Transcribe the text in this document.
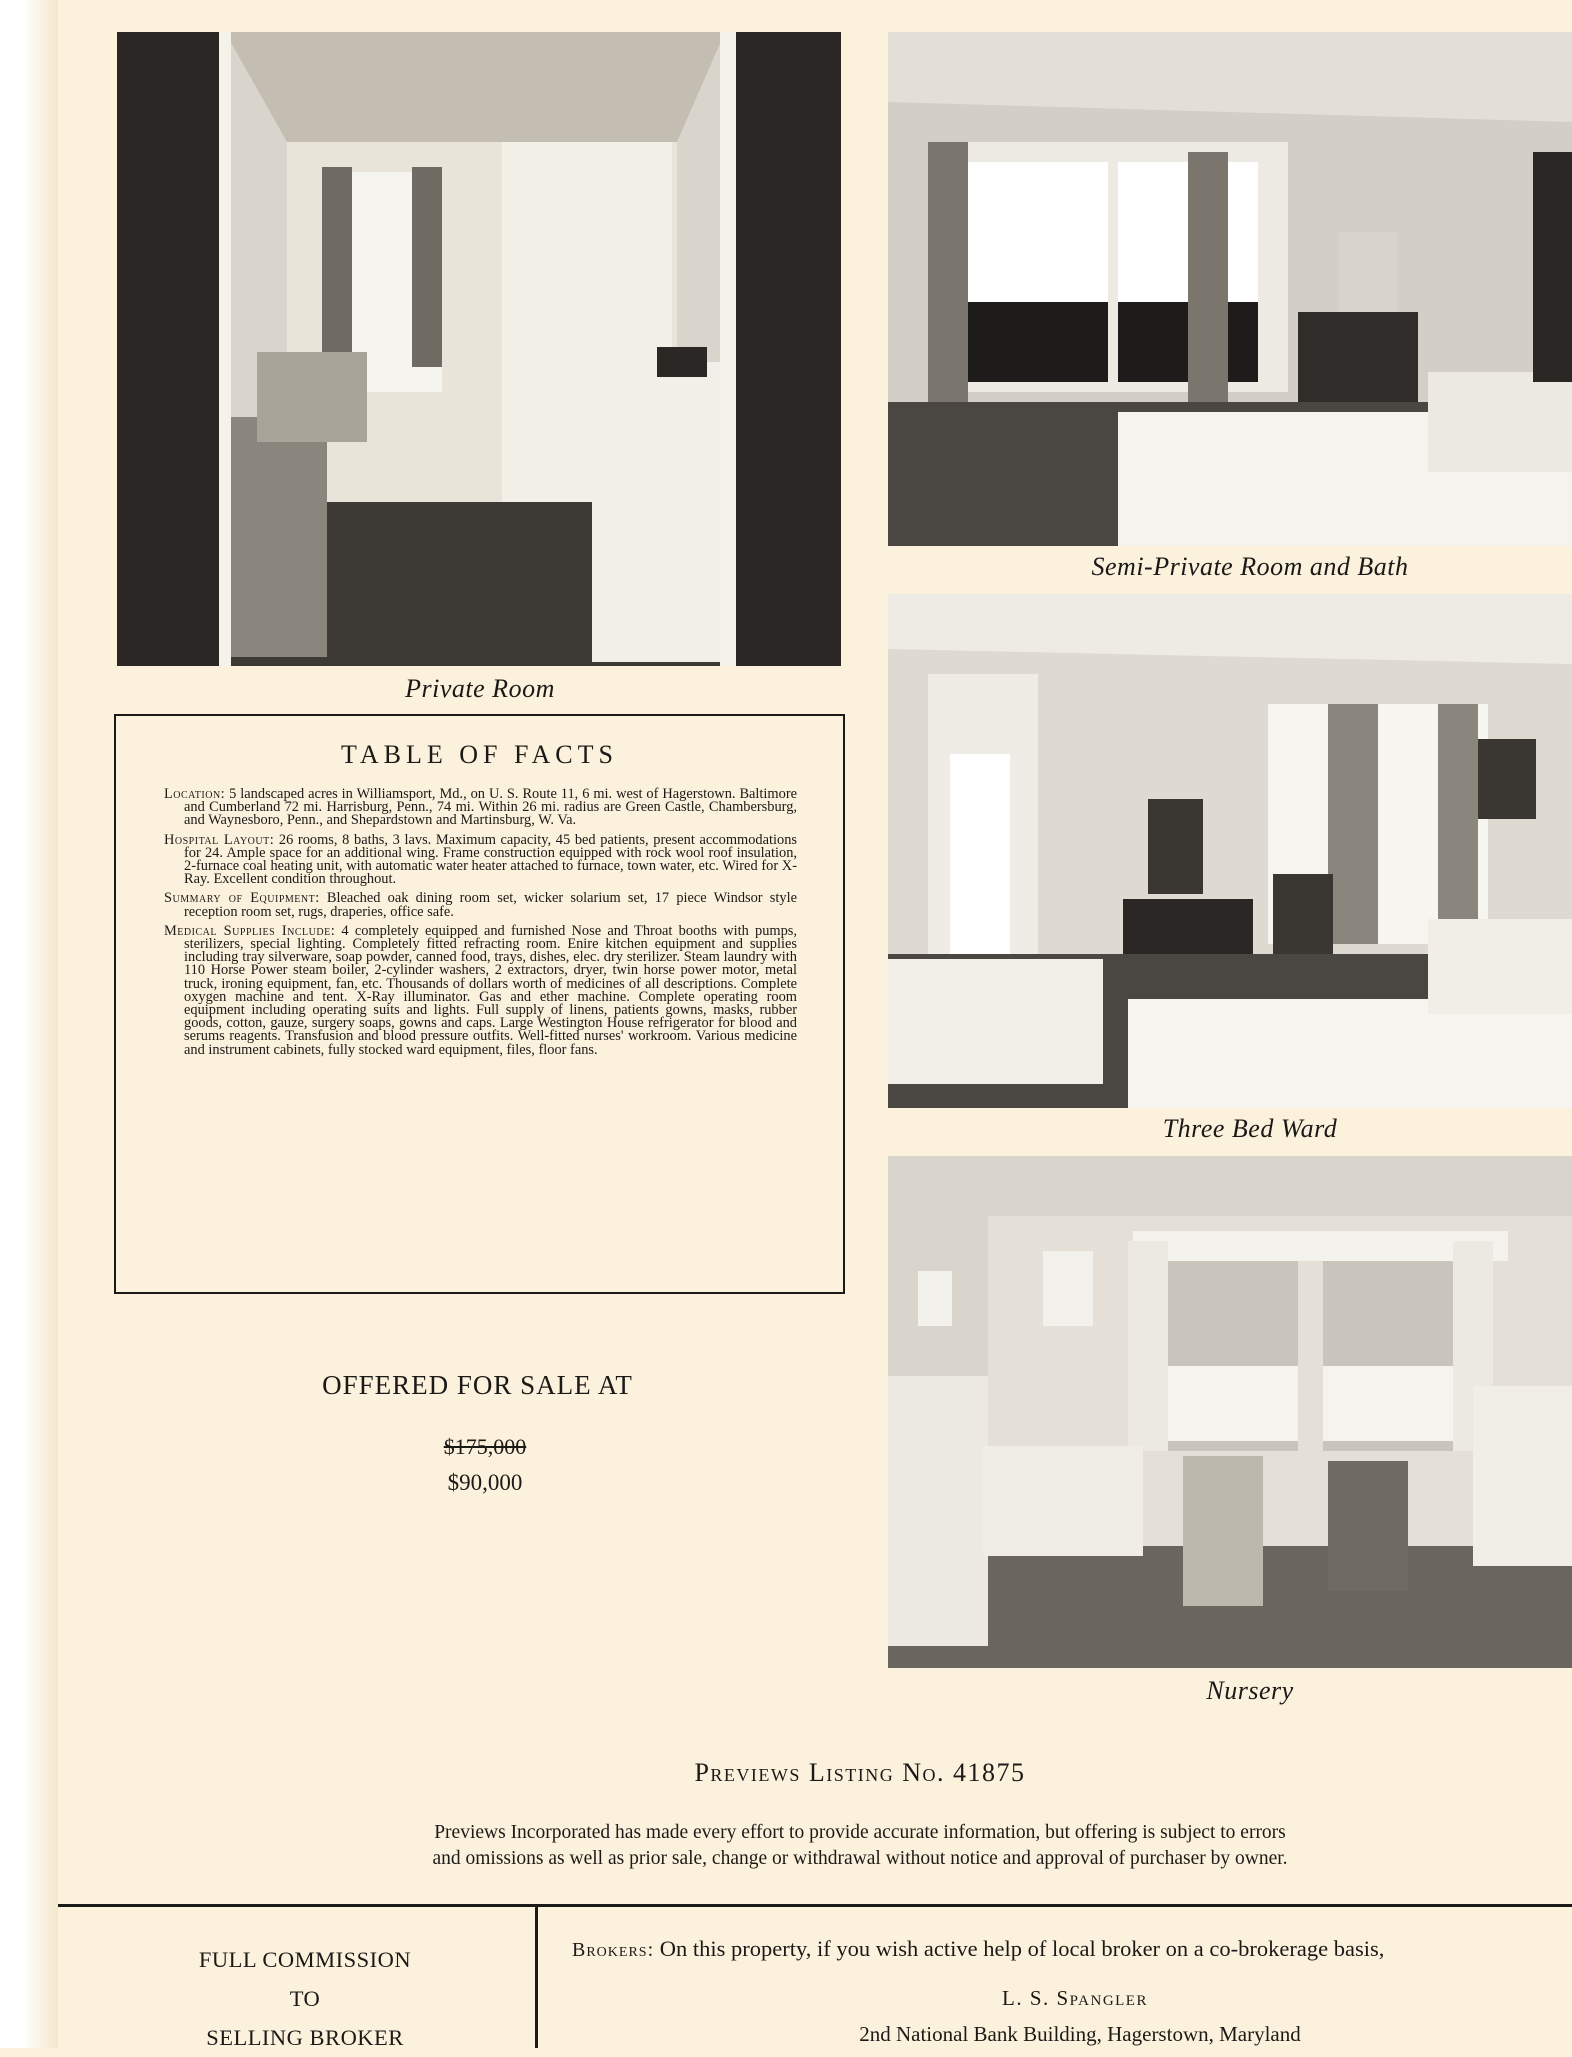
Private Room
Semi-Private Room and Bath
Three Bed Ward
Nursery
TABLE OF FACTS

Location: 5 landscaped acres in Williamsport, Md., on U. S. Route 11, 6 mi. west of Hagerstown. Baltimore and Cumberland 72 mi. Harrisburg, Penn., 74 mi. Within 26 mi. radius are Green Castle, Chambersburg, and Waynesboro, Penn., and Shepardstown and Martinsburg, W. Va.

Hospital Layout: 26 rooms, 8 baths, 3 lavs. Maximum capacity, 45 bed patients, present accommodations for 24. Ample space for an additional wing. Frame construction equipped with rock wool roof insulation, 2-furnace coal heating unit, with automatic water heater attached to furnace, town water, etc. Wired for X-Ray. Excellent condition throughout.

Summary of Equipment: Bleached oak dining room set, wicker solarium set, 17 piece Windsor style reception room set, rugs, draperies, office safe.

Medical Supplies Include: 4 completely equipped and furnished Nose and Throat booths with pumps, sterilizers, special lighting. Completely fitted refracting room. Enire kitchen equipment and supplies including tray silverware, soap powder, canned food, trays, dishes, elec. dry sterilizer. Steam laundry with 110 Horse Power steam boiler, 2-cylinder washers, 2 extractors, dryer, twin horse power motor, metal truck, ironing equipment, fan, etc. Thousands of dollars worth of medicines of all descriptions. Complete oxygen machine and tent. X-Ray illuminator. Gas and ether machine. Complete operating room equipment including operating suits and lights. Full supply of linens, patients gowns, masks, rubber goods, cotton, gauze, surgery soaps, gowns and caps. Large Westington House refrigerator for blood and serums reagents. Transfusion and blood pressure outfits. Well-fitted nurses' workroom. Various medicine and instrument cabinets, fully stocked ward equipment, files, floor fans.

OFFERED FOR SALE AT
$175,000
$90,000
Previews Listing No. 41875
Previews Incorporated has made every effort to provide accurate information, but offering is subject to errors
and omissions as well as prior sale, change or withdrawal without notice and approval of purchaser by owner.
FULL COMMISSION
TO
SELLING BROKER
Brokers: On this property, if you wish active help of local broker on a co-brokerage basis,
L. S. Spangler
2nd National Bank Building, Hagerstown, Maryland
